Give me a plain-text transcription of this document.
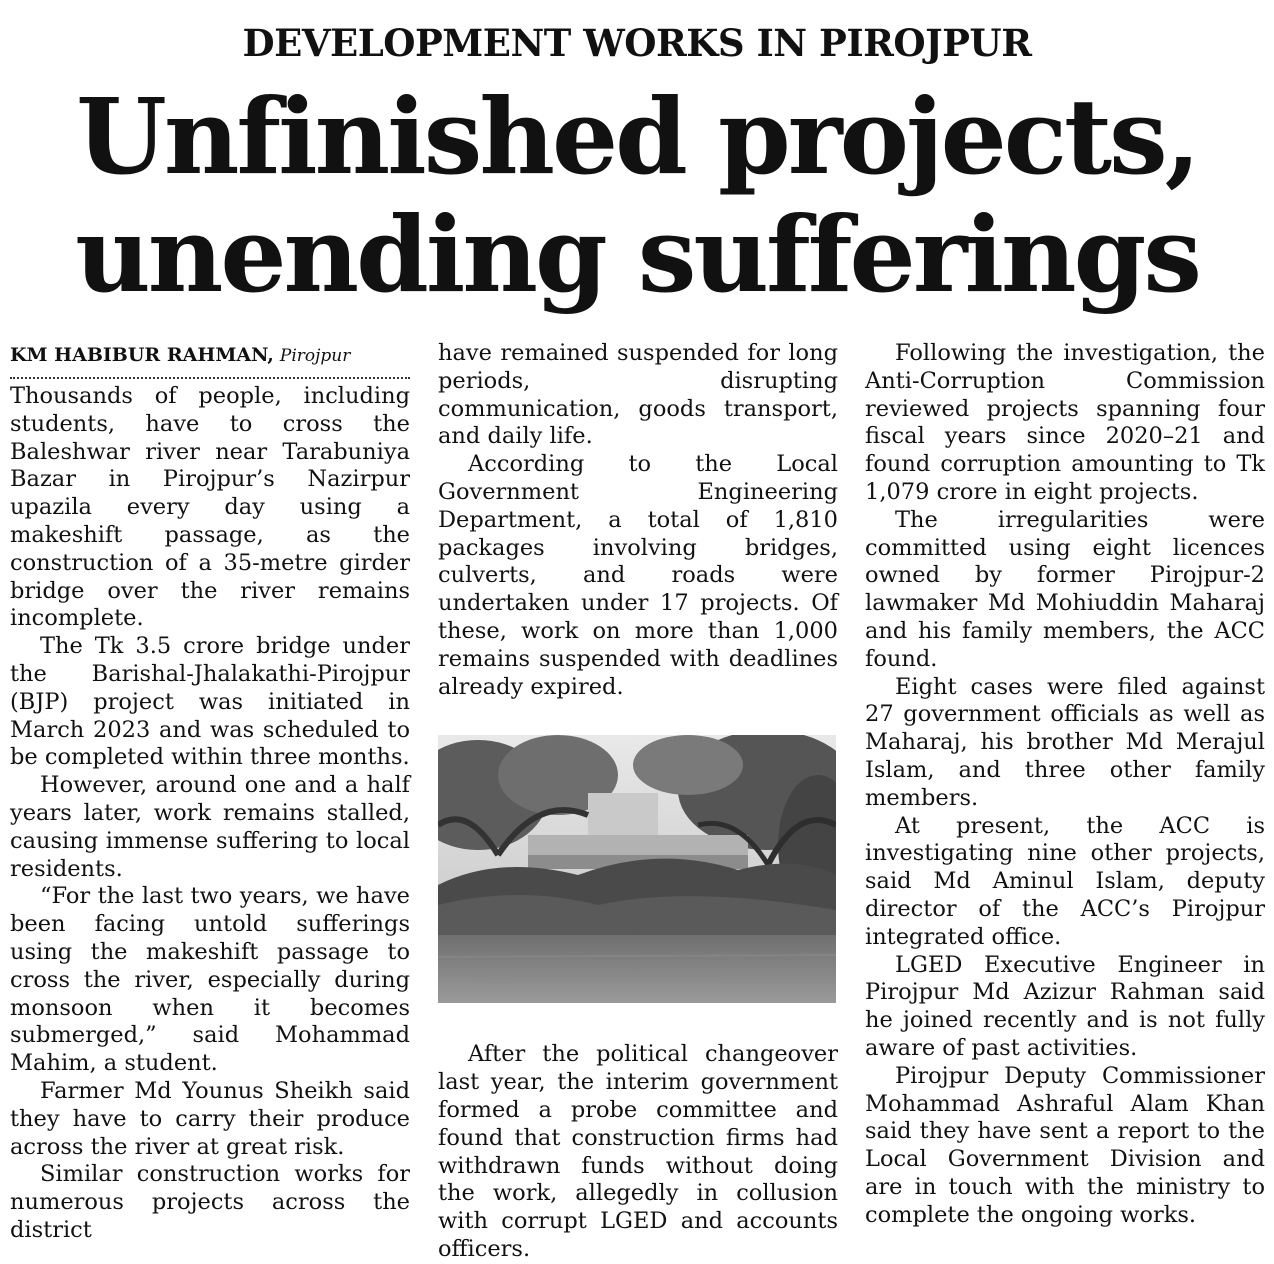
DEVELOPMENT WORKS IN PIROJPUR
Unfinished projects,
unending sufferings
KM HABIBUR RAHMAN, Pirojpur

Thousands of people, including students, have to cross the Baleshwar river near Tarabuniya Bazar in Pirojpur’s Nazirpur upazila every day using a makeshift passage, as the construction of a 35-metre girder bridge over the river remains incomplete.

The Tk 3.5 crore bridge under the Barishal-Jhalakathi-Pirojpur (BJP) project was initiated in March 2023 and was scheduled to be completed within three months.

However, around one and a half years later, work remains stalled, causing immense suffering to local residents.

“For the last two years, we have been facing untold sufferings using the makeshift passage to cross the river, especially during monsoon when it becomes submerged,” said Mohammad Mahim, a student.

Farmer Md Younus Sheikh said they have to carry their produce across the river at great risk.

Similar construction works for numerous projects across the district

have remained suspended for long periods, disrupting communication, goods transport, and daily life.

According to the Local Government Engineering Department, a total of 1,810 packages involving bridges, culverts, and roads were undertaken under 17 projects. Of these, work on more than 1,000 remains suspended with deadlines already expired.

After the political changeover last year, the interim government formed a probe committee and found that construction firms had withdrawn funds without doing the work, allegedly in collusion with corrupt LGED and accounts officers.

Following the investigation, the Anti-Corruption Commission reviewed projects spanning four fiscal years since 2020–21 and found corruption amounting to Tk 1,079 crore in eight projects.

The irregularities were committed using eight licences owned by former Pirojpur-2 lawmaker Md Mohiuddin Maharaj and his family members, the ACC found.

Eight cases were filed against 27 government officials as well as Maharaj, his brother Md Merajul Islam, and three other family members.

At present, the ACC is investigating nine other projects, said Md Aminul Islam, deputy director of the ACC’s Pirojpur integrated office.

LGED Executive Engineer in Pirojpur Md Azizur Rahman said he joined recently and is not fully aware of past activities.

Pirojpur Deputy Commissioner Mohammad Ashraful Alam Khan said they have sent a report to the Local Government Division and are in touch with the ministry to complete the ongoing works.
